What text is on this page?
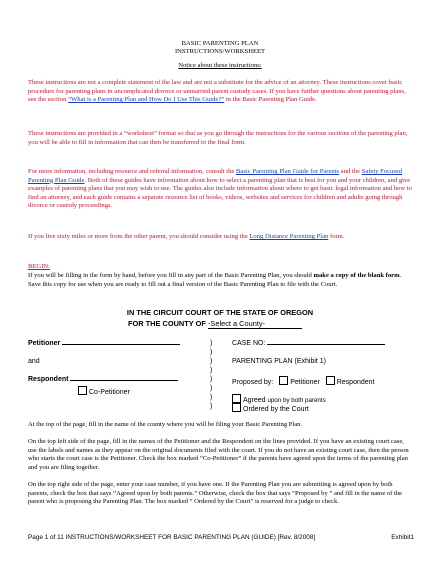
BASIC PARENTING PLAN
INSTRUCTIONS/WORKSHEET
Notice about these instructions:
These instructions are not a complete statement of the law and are not a substitute for the advice of an attorney. These instructions cover basic procedure for parenting plans in uncomplicated divorce or unmarried parent custody cases. If you have further questions about parenting plans, see the section “What is a Parenting Plan and How Do I Use This Guide?” in the Basic Parenting Plan Guide.
These instructions are provided in a “worksheet” format so that as you go through the instructions for the various sections of the parenting plan, you will be able to fill in information that can then be transferred to the final form.
For more information, including resource and referral information, consult the Basic Parenting Plan Guide for Parents and the Safety Focused Parenting Plan Guide. Both of these guides have information about how to select a parenting plan that is best for you and your children, and give examples of parenting plans that you may wish to use. The guides also include information about where to get basic legal information and how to find an attorney, and each guide contains a separate resource list of books, videos, websites and services for children and adults going through divorce or custody proceedings.
If you live sixty miles or more from the other parent, you should consider using the Long Distance Parenting Plan form.
BEGIN:
If you will be filling in the form by hand, before you fill in any part of the Basic Parenting Plan, you should make a copy of the blank form. Save this copy for use when you are ready to fill out a final version of the Basic Parenting Plan to file with the Court.
IN THE CIRCUIT COURT OF THE STATE OF OREGON
FOR THE COUNTY OF -Select a County-
Petitioner
and
Respondent
Co-Petitioner
)
)
)
)
)
)
)
)
CASE NO:
PARENTING PLAN (Exhibit 1)
Proposed by: Petitioner Respondent
Agreed upon by both parents
Ordered by the Court
At the top of the page, fill in the name of the county where you will be filing your Basic Parenting Plan.
On the top left side of the page, fill in the names of the Petitioner and the Respondent on the lines provided. If you have an existing court case, use the labels and names as they appear on the original documents filed with the court. If you do not have an existing court case, then the person who starts the court case is the Petitioner. Check the box marked “Co-Petitioner” if the parents have agreed upon the terms of the parenting plan and you are filing together.
On the top right side of the page, enter your case number, if you have one. If the Parenting Plan you are submitting is agreed upon by both parents, check the box that says “Agreed upon by both parents.” Otherwise, check the box that says “Proposed by ” and fill in the name of the parent who is proposing the Parenting Plan. The box marked “ Ordered by the Court” is reserved for a judge to check.
Page 1 of 11 INSTRUCTIONS/WORKSHEET FOR BASIC PARENTING PLAN (GUIDE) [Rev. 8/2008]	Exhibit1
